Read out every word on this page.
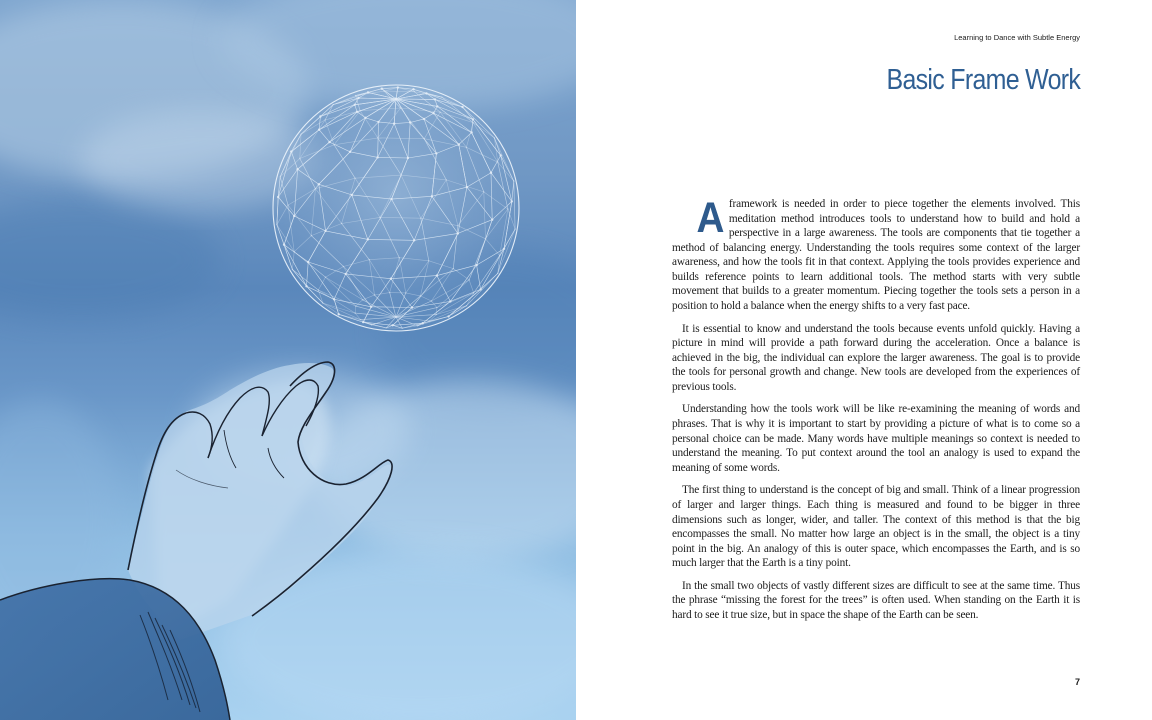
Learning to Dance with Subtle Energy
Basic Frame Work

Aframework is needed in order to piece together the elements involved. This meditation method introduces tools to understand how to build and hold a perspective in a large awareness. The tools are components that tie together a method of balancing energy. Understanding the tools requires some context of the larger awareness, and how the tools fit in that context. Applying the tools provides experience and builds reference points to learn additional tools. The method starts with very subtle movement that builds to a greater momentum. Piecing together the tools sets a person in a position to hold a balance when the energy shifts to a very fast pace.

It is essential to know and understand the tools because events unfold quickly. Having a picture in mind will provide a path forward during the acceleration. Once a balance is achieved in the big, the individual can explore the larger awareness. The goal is to provide the tools for personal growth and change. New tools are developed from the experiences of previous tools.

Understanding how the tools work will be like re-examining the meaning of words and phrases. That is why it is important to start by providing a picture of what is to come so a personal choice can be made. Many words have multiple meanings so context is needed to understand the meaning. To put context around the tool an analogy is used to expand the meaning of some words.

The first thing to understand is the concept of big and small. Think of a linear progression of larger and larger things. Each thing is measured and found to be bigger in three dimensions such as longer, wider, and taller. The context of this method is that the big encompasses the small. No matter how large an object is in the small, the object is a tiny point in the big. An analogy of this is outer space, which encompasses the Earth, and is so much larger that the Earth is a tiny point.

In the small two objects of vastly different sizes are difficult to see at the same time. Thus the phrase “missing the forest for the trees” is often used. When standing on the Earth it is hard to see it true size, but in space the shape of the Earth can be seen.

7
